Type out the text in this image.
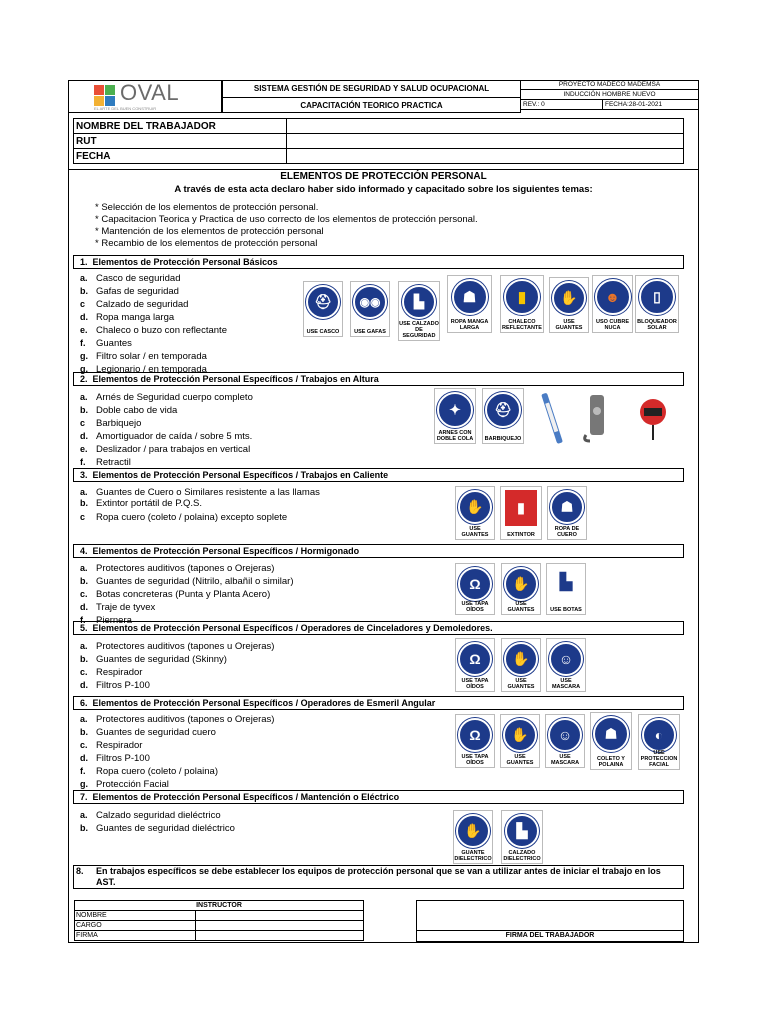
OVAL
EL ARTE DEL BUEN CONSTRUIR
SISTEMA GESTIÓN DE SEGURIDAD Y SALUD OCUPACIONAL
CAPACITACIÓN TEORICO PRACTICA
PROYECTO MADECO MADEMSA
INDUCCIÓN HOMBRE NUEVO
REV.: 0	FECHA:28-01-2021
NOMBRE DEL TRABAJADOR	
RUT	
FECHA	
ELEMENTOS DE PROTECCIÓN PERSONAL
A través de esta acta declaro haber sido informado y capacitado sobre los siguientes temas:
* Selección de los elementos de protección personal.
* Capacitacion Teorica y Practica de uso correcto de los elementos de protección personal.
* Mantención de los elementos de protección personal
* Recambio de los elementos de protección personal
1. Elementos de Protección Personal Básicos
2. Elementos de Protección Personal Específicos / Trabajos en Altura
3. Elementos de Protección Personal Específicos / Trabajos en Caliente
4. Elementos de Protección Personal Específicos / Hormigonado
5. Elementos de Protección Personal Específicos / Operadores de Cinceladores y Demoledores.
6. Elementos de Protección Personal Específicos / Operadores de Esmeril Angular
7. Elementos de Protección Personal Específicos / Mantención o Eléctrico
8. En trabajos específicos se debe establecer los equipos de protección personal que se van a utilizar antes de iniciar el trabajo en los AST.
a. Casco de seguridad
b. Gafas de seguridad
c Calzado de seguridad
d. Ropa manga larga
e. Chaleco o buzo con reflectante
f. Guantes
g. Filtro solar / en temporada
g. Legionario / en temporada
a. Arnés de Seguridad cuerpo completo
b. Doble cabo de vida
c Barbiquejo
d. Amortiguador de caída / sobre 5 mts.
e. Deslizador / para trabajos en vertical
f. Retractil
a. Guantes de Cuero o Similares resistente a las llamas
b. Extintor portátil de P.Q.S.
c Ropa cuero (coleto / polaina) excepto soplete
a. Protectores auditivos (tapones o Orejeras)
b. Guantes de seguridad (Nitrilo, albañil o similar)
c. Botas concreteras (Punta y Planta Acero)
d. Traje de tyvex
f. Piernera
a. Protectores auditivos (tapones u Orejeras)
b. Guantes de seguridad (Skinny)
c. Respirador
d. Filtros P-100
a. Protectores auditivos (tapones o Orejeras)
b. Guantes de seguridad cuero
c. Respirador
d. Filtros P-100
f. Ropa cuero (coleto / polaina)
g. Protección Facial
a. Calzado seguridad dieléctrico
b. Guantes de seguridad dieléctrico
⛑
USE CASCO
◉◉
USE GAFAS
▙
USE CALZADO DE SEGURIDAD
☗
ROPA MANGA LARGA
▮
CHALECO REFLECTANTE
✋
USE GUANTES
☻
USO CUBRE NUCA
▯
BLOQUEADOR SOLAR
✦
ARNES CON DOBLE COLA
⛑
BARBIQUEJO
✋
USE GUANTES
▮
EXTINTOR
☗
ROPA DE CUERO
Ω
USE TAPA OÍDOS
✋
USE GUANTES
▙
USE BOTAS
Ω
USE TAPA OÍDOS
✋
USE GUANTES
☺
USE MASCARA
Ω
USE TAPA OÍDOS
✋
USE GUANTES
☺
USE MASCARA
☗
COLETO Y POLAINA
◐
USE PROTECCION FACIAL
✋
GUANTE DIELECTRICO
▙
CALZADO DIELECTRICO
INSTRUCTOR	
NOMBRE	
CARGO	
FIRMA		FIRMA DEL TRABAJADOR
